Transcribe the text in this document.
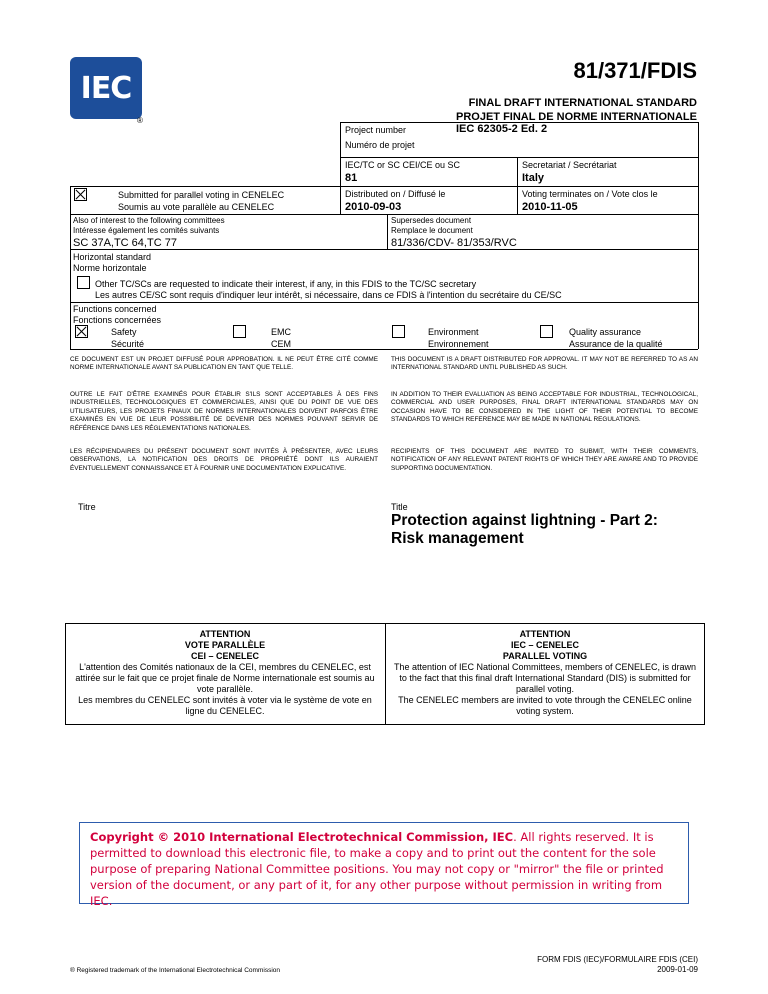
IEC
®
81/371/FDIS
FINAL DRAFT INTERNATIONAL STANDARD
PROJET FINAL DE NORME INTERNATIONALE
Project number	IEC 62305-2 Ed. 2
Numéro de projet
IEC/TC or SC CEI/CE ou SC
81
Secretariat / Secrétariat
Italy
Submitted for parallel voting in CENELEC
Soumis au vote parallèle au CENELEC
Distributed on / Diffusé le
2010-09-03
Voting terminates on / Vote clos le
2010-11-05
Also of interest to the following committees
Intéresse également les comités suivants
SC 37A,TC 64,TC 77
Supersedes document
Remplace le document
81/336/CDV- 81/353/RVC
Horizontal standard
Norme horizontale
Other TC/SCs are requested to indicate their interest, if any, in this FDIS to the TC/SC secretary
Les autres CE/SC sont requis d'indiquer leur intérêt, si nécessaire, dans ce FDIS à l'intention du secrétaire du CE/SC
Functions concerned
Fonctions concernées
Safety
Sécurité
EMC
CEM
Environment
Environnement
Quality assurance
Assurance de la qualité
CE DOCUMENT EST UN PROJET DIFFUSÉ POUR APPROBATION. IL NE PEUT ÊTRE CITÉ COMME NORME INTERNATIONALE AVANT SA PUBLICATION EN TANT QUE TELLE.
OUTRE LE FAIT D'ÊTRE EXAMINÉS POUR ÉTABLIR S'ILS SONT ACCEPTABLES À DES FINS INDUSTRIELLES, TECHNOLOGIQUES ET COMMERCIALES, AINSI QUE DU POINT DE VUE DES UTILISATEURS, LES PROJETS FINAUX DE NORMES INTERNATIONALES DOIVENT PARFOIS ÊTRE EXAMINÉS EN VUE DE LEUR POSSIBILITÉ DE DEVENIR DES NORMES POUVANT SERVIR DE RÉFÉRENCE DANS LES RÉGLEMENTATIONS NATIONALES.
LES RÉCIPIENDAIRES DU PRÉSENT DOCUMENT SONT INVITÉS À PRÉSENTER, AVEC LEURS OBSERVATIONS, LA NOTIFICATION DES DROITS DE PROPRIÉTÉ DONT ILS AURAIENT ÉVENTUELLEMENT CONNAISSANCE ET À FOURNIR UNE DOCUMENTATION EXPLICATIVE.
THIS DOCUMENT IS A DRAFT DISTRIBUTED FOR APPROVAL. IT MAY NOT BE REFERRED TO AS AN INTERNATIONAL STANDARD UNTIL PUBLISHED AS SUCH.
IN ADDITION TO THEIR EVALUATION AS BEING ACCEPTABLE FOR INDUSTRIAL, TECHNOLOGICAL, COMMERCIAL AND USER PURPOSES, FINAL DRAFT INTERNATIONAL STANDARDS MAY ON OCCASION HAVE TO BE CONSIDERED IN THE LIGHT OF THEIR POTENTIAL TO BECOME STANDARDS TO WHICH REFERENCE MAY BE MADE IN NATIONAL REGULATIONS.
RECIPIENTS OF THIS DOCUMENT ARE INVITED TO SUBMIT, WITH THEIR COMMENTS, NOTIFICATION OF ANY RELEVANT PATENT RIGHTS OF WHICH THEY ARE AWARE AND TO PROVIDE SUPPORTING DOCUMENTATION.
Titre	Title
Protection against lightning - Part 2: Risk management
ATTENTION
VOTE PARALLÈLE
CEI – CENELEC
L'attention des Comités nationaux de la CEI, membres du CENELEC, est attirée sur le fait que ce projet finale de Norme internationale est soumis au vote parallèle.
Les membres du CENELEC sont invités à voter via le système de vote en ligne du CENELEC.
ATTENTION
IEC – CENELEC
PARALLEL VOTING
The attention of IEC National Committees, members of CENELEC, is drawn to the fact that this final draft International Standard (DIS) is submitted for parallel voting.
The CENELEC members are invited to vote through the CENELEC online voting system.
Copyright © 2010 International Electrotechnical Commission, IEC. All rights reserved. It is permitted to download this electronic file, to make a copy and to print out the content for the sole purpose of preparing National Committee positions. You may not copy or "mirror" the file or printed version of the document, or any part of it, for any other purpose without permission in writing from IEC.
® Registered trademark of the International Electrotechnical Commission
FORM FDIS (IEC)/FORMULAIRE FDIS (CEI)
2009-01-09
